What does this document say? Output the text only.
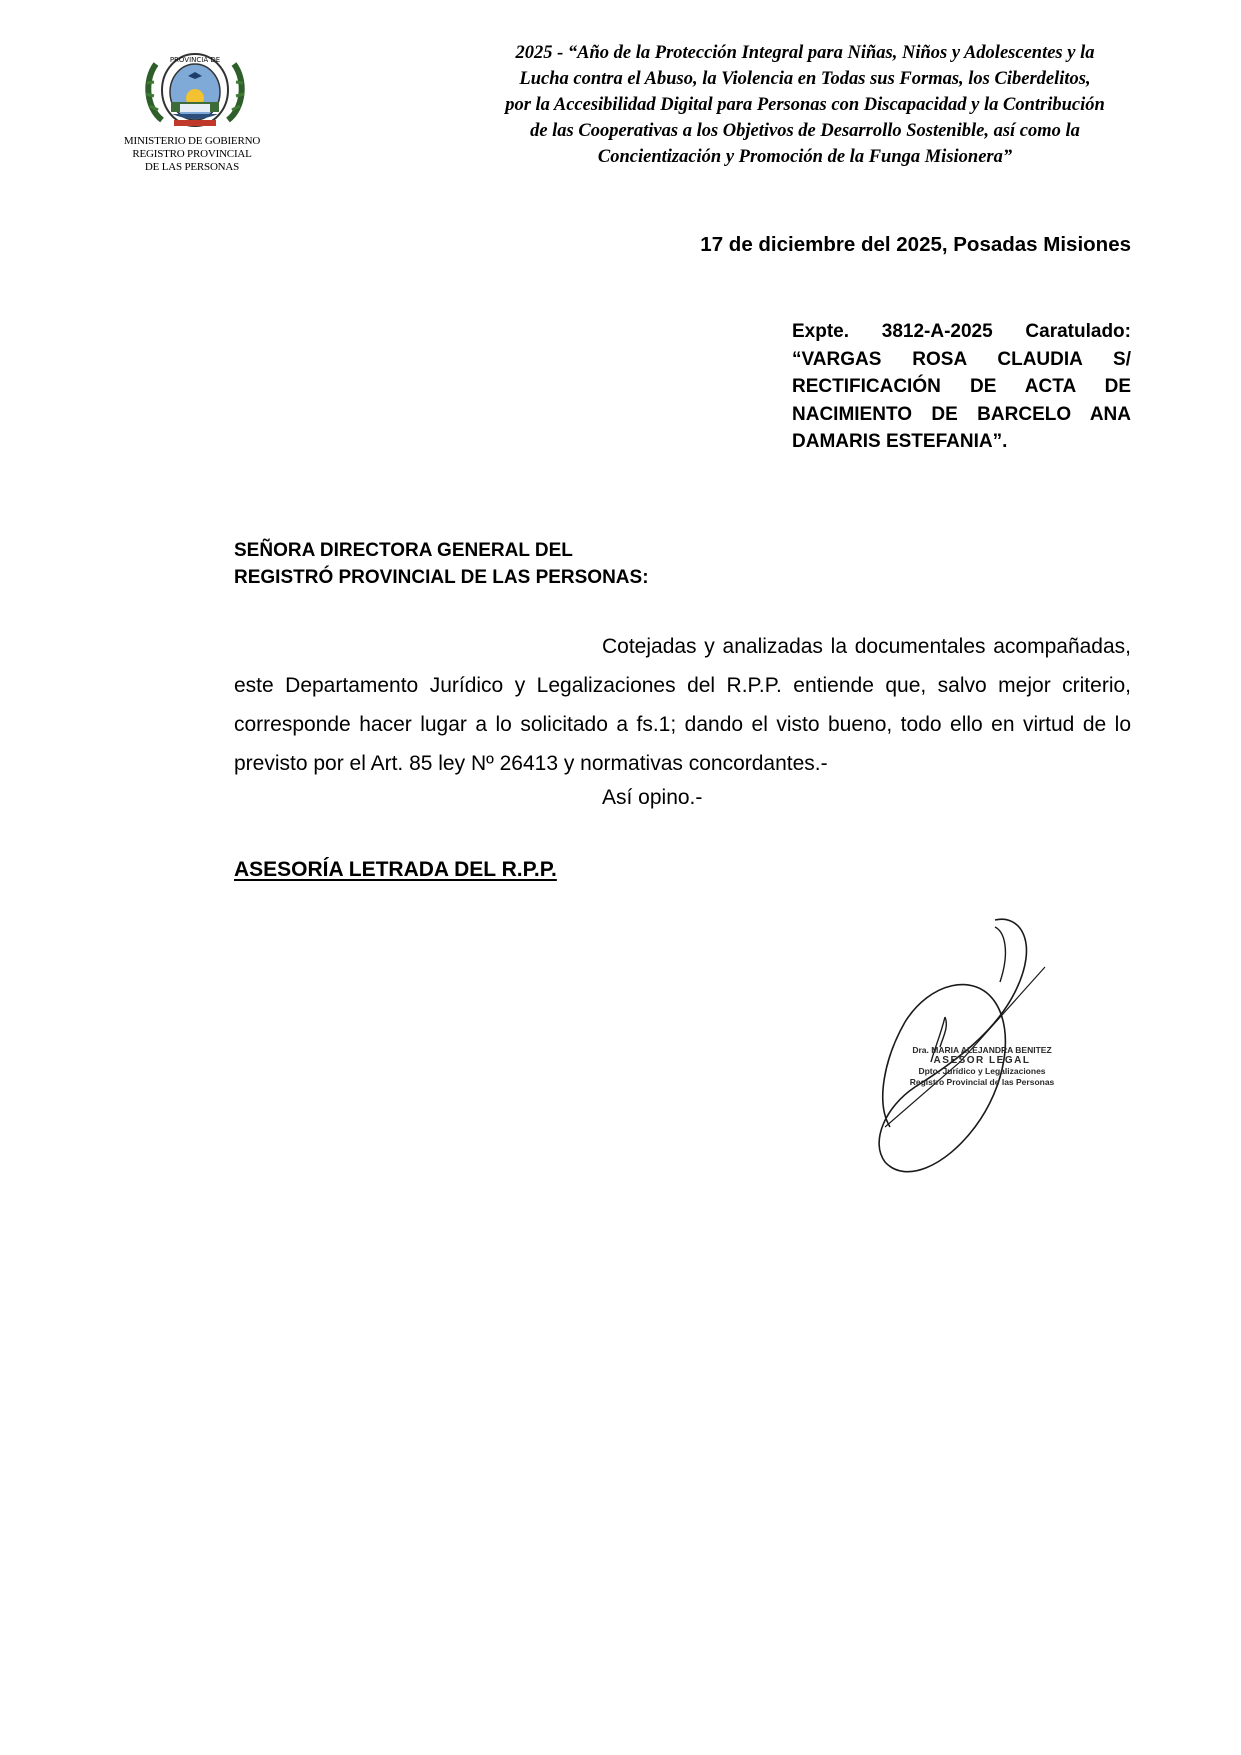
PROVINCIA DE
MINISTERIO DE GOBIERNO
REGISTRO PROVINCIAL
DE LAS PERSONAS
2025 - “Año de la Protección Integral para Niñas, Niños y Adolescentes y la
Lucha contra el Abuso, la Violencia en Todas sus Formas, los Ciberdelitos,
por la Accesibilidad Digital para Personas con Discapacidad y la Contribución
de las Cooperativas a los Objetivos de Desarrollo Sostenible, así como la
Concientización y Promoción de la Funga Misionera”
17 de diciembre del 2025, Posadas Misiones
Expte. 3812-A-2025 Caratulado: “VARGAS ROSA CLAUDIA S/ RECTIFICACIÓN DE ACTA DE NACIMIENTO DE BARCELO ANA DAMARIS ESTEFANIA”.
SEÑORA DIRECTORA GENERAL DEL
REGISTRÓ PROVINCIAL DE LAS PERSONAS:
Cotejadas y analizadas la documentales acompañadas, este Departamento Jurídico y Legalizaciones del R.P.P. entiende que, salvo mejor criterio, corresponde hacer lugar a lo solicitado a fs.1; dando el visto bueno, todo ello en virtud de lo previsto por el Art. 85 ley Nº 26413 y normativas concordantes.-
Así opino.-
ASESORÍA LETRADA DEL R.P.P.
Dra. MARIA ALEJANDRA BENITEZ
ASESOR LEGAL
Dpto. Jurídico y Legalizaciones
Registro Provincial de las Personas
